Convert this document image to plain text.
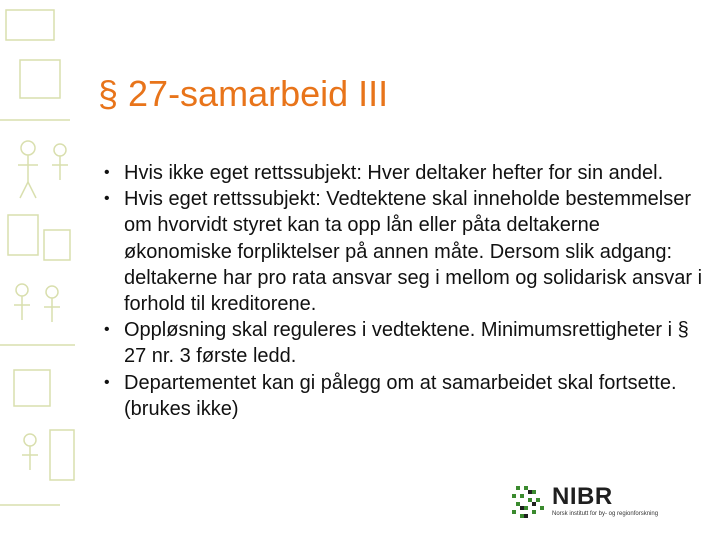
§ 27-samarbeid III
• Hvis ikke eget rettssubjekt: Hver deltaker hefter for sin andel.
• Hvis eget rettssubjekt: Vedtektene skal inneholde bestemmelser om hvorvidt styret kan ta opp lån eller påta deltakerne økonomiske forpliktelser på annen måte. Dersom slik adgang: deltakerne har pro rata ansvar seg i mellom og solidarisk ansvar i forhold til kreditorene.
• Oppløsning skal reguleres i vedtektene. Minimumsrettigheter i § 27 nr. 3 første ledd.
• Departementet kan gi pålegg om at samarbeidet skal fortsette. (brukes ikke)
NIBR
Norsk institutt for by- og regionforskning
